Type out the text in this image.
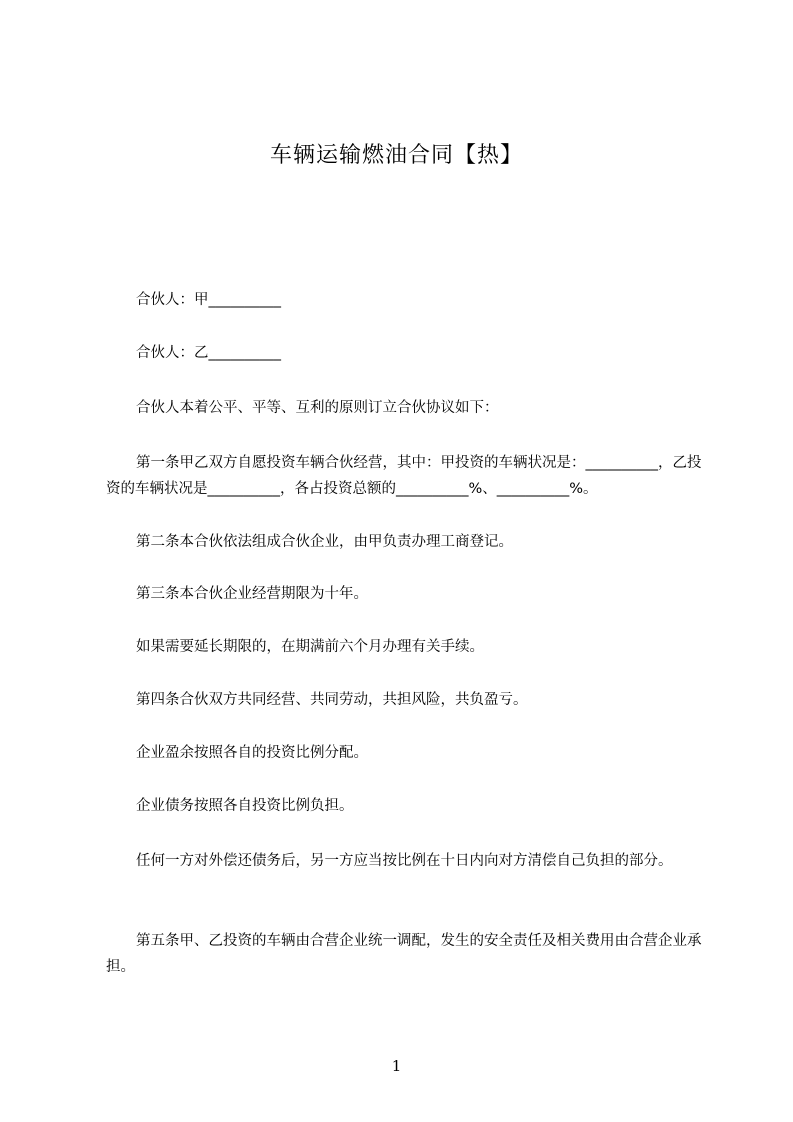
车辆运输燃油合同【热】
合伙人：甲__________
合伙人：乙__________
合伙人本着公平、平等、互利的原则订立合伙协议如下：
第一条甲乙双方自愿投资车辆合伙经营，其中：甲投资的车辆状况是：__________，乙投资的车辆状况是__________，各占投资总额的__________%、__________%。
第二条本合伙依法组成合伙企业，由甲负责办理工商登记。
第三条本合伙企业经营期限为十年。
如果需要延长期限的，在期满前六个月办理有关手续。
第四条合伙双方共同经营、共同劳动，共担风险，共负盈亏。
企业盈余按照各自的投资比例分配。
企业债务按照各自投资比例负担。
任何一方对外偿还债务后，另一方应当按比例在十日内向对方清偿自己负担的部分。
第五条甲、乙投资的车辆由合营企业统一调配，发生的安全责任及相关费用由合营企业承担。
1
